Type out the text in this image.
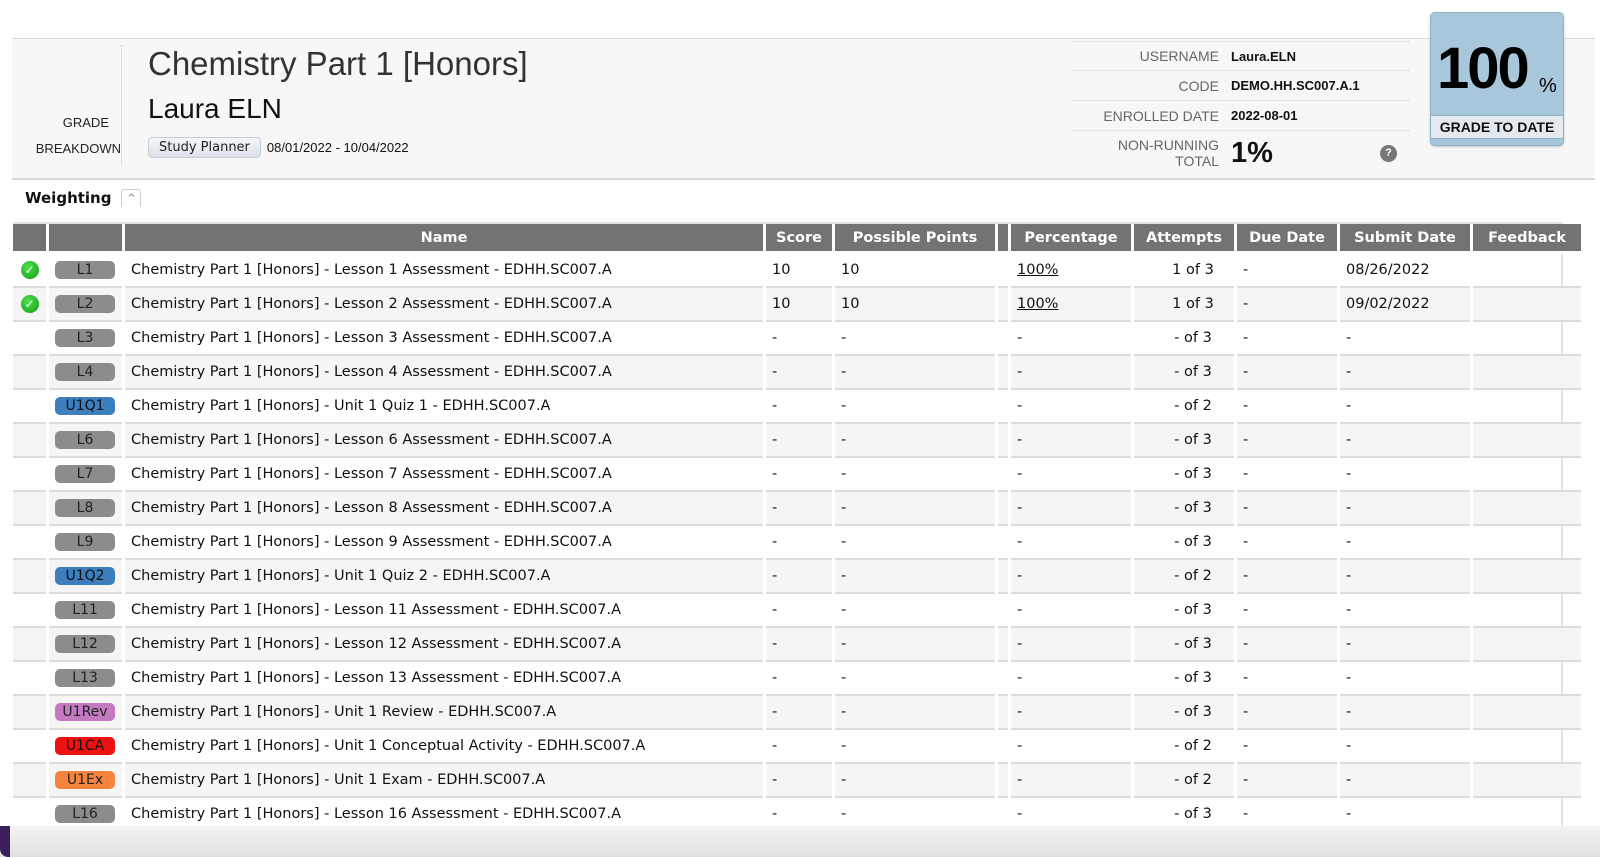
GRADE
BREAKDOWN
Chemistry Part 1 [Honors]
Laura ELN
Study Planner	08/01/2022 - 10/04/2022
USERNAME Laura.ELN
CODE DEMO.HH.SC007.A.1
ENROLLED DATE 2022-08-01
NON-RUNNING TOTAL 1%	?
100 %
GRADE TO DATE
Weighting	^
		Name	Score	Possible Points		Percentage	Attempts	Due Date	Submit Date	Feedback
✓	L1	Chemistry Part 1 [Honors] - Lesson 1 Assessment - EDHH.SC007.A	10	10		100%	1 of 3	-	08/26/2022	
✓	L2	Chemistry Part 1 [Honors] - Lesson 2 Assessment - EDHH.SC007.A	10	10		100%	1 of 3	-	09/02/2022	
	L3	Chemistry Part 1 [Honors] - Lesson 3 Assessment - EDHH.SC007.A	-	-		-	- of 3	-	-	
	L4	Chemistry Part 1 [Honors] - Lesson 4 Assessment - EDHH.SC007.A	-	-		-	- of 3	-	-	
	U1Q1	Chemistry Part 1 [Honors] - Unit 1 Quiz 1 - EDHH.SC007.A	-	-		-	- of 2	-	-	
	L6	Chemistry Part 1 [Honors] - Lesson 6 Assessment - EDHH.SC007.A	-	-		-	- of 3	-	-	
	L7	Chemistry Part 1 [Honors] - Lesson 7 Assessment - EDHH.SC007.A	-	-		-	- of 3	-	-	
	L8	Chemistry Part 1 [Honors] - Lesson 8 Assessment - EDHH.SC007.A	-	-		-	- of 3	-	-	
	L9	Chemistry Part 1 [Honors] - Lesson 9 Assessment - EDHH.SC007.A	-	-		-	- of 3	-	-	
	U1Q2	Chemistry Part 1 [Honors] - Unit 1 Quiz 2 - EDHH.SC007.A	-	-		-	- of 2	-	-	
	L11	Chemistry Part 1 [Honors] - Lesson 11 Assessment - EDHH.SC007.A	-	-		-	- of 3	-	-	
	L12	Chemistry Part 1 [Honors] - Lesson 12 Assessment - EDHH.SC007.A	-	-		-	- of 3	-	-	
	L13	Chemistry Part 1 [Honors] - Lesson 13 Assessment - EDHH.SC007.A	-	-		-	- of 3	-	-	
	U1Rev	Chemistry Part 1 [Honors] - Unit 1 Review - EDHH.SC007.A	-	-		-	- of 3	-	-	
	U1CA	Chemistry Part 1 [Honors] - Unit 1 Conceptual Activity - EDHH.SC007.A	-	-		-	- of 2	-	-	
	U1Ex	Chemistry Part 1 [Honors] - Unit 1 Exam - EDHH.SC007.A	-	-		-	- of 2	-	-	
	L16	Chemistry Part 1 [Honors] - Lesson 16 Assessment - EDHH.SC007.A	-	-		-	- of 3	-	-	
